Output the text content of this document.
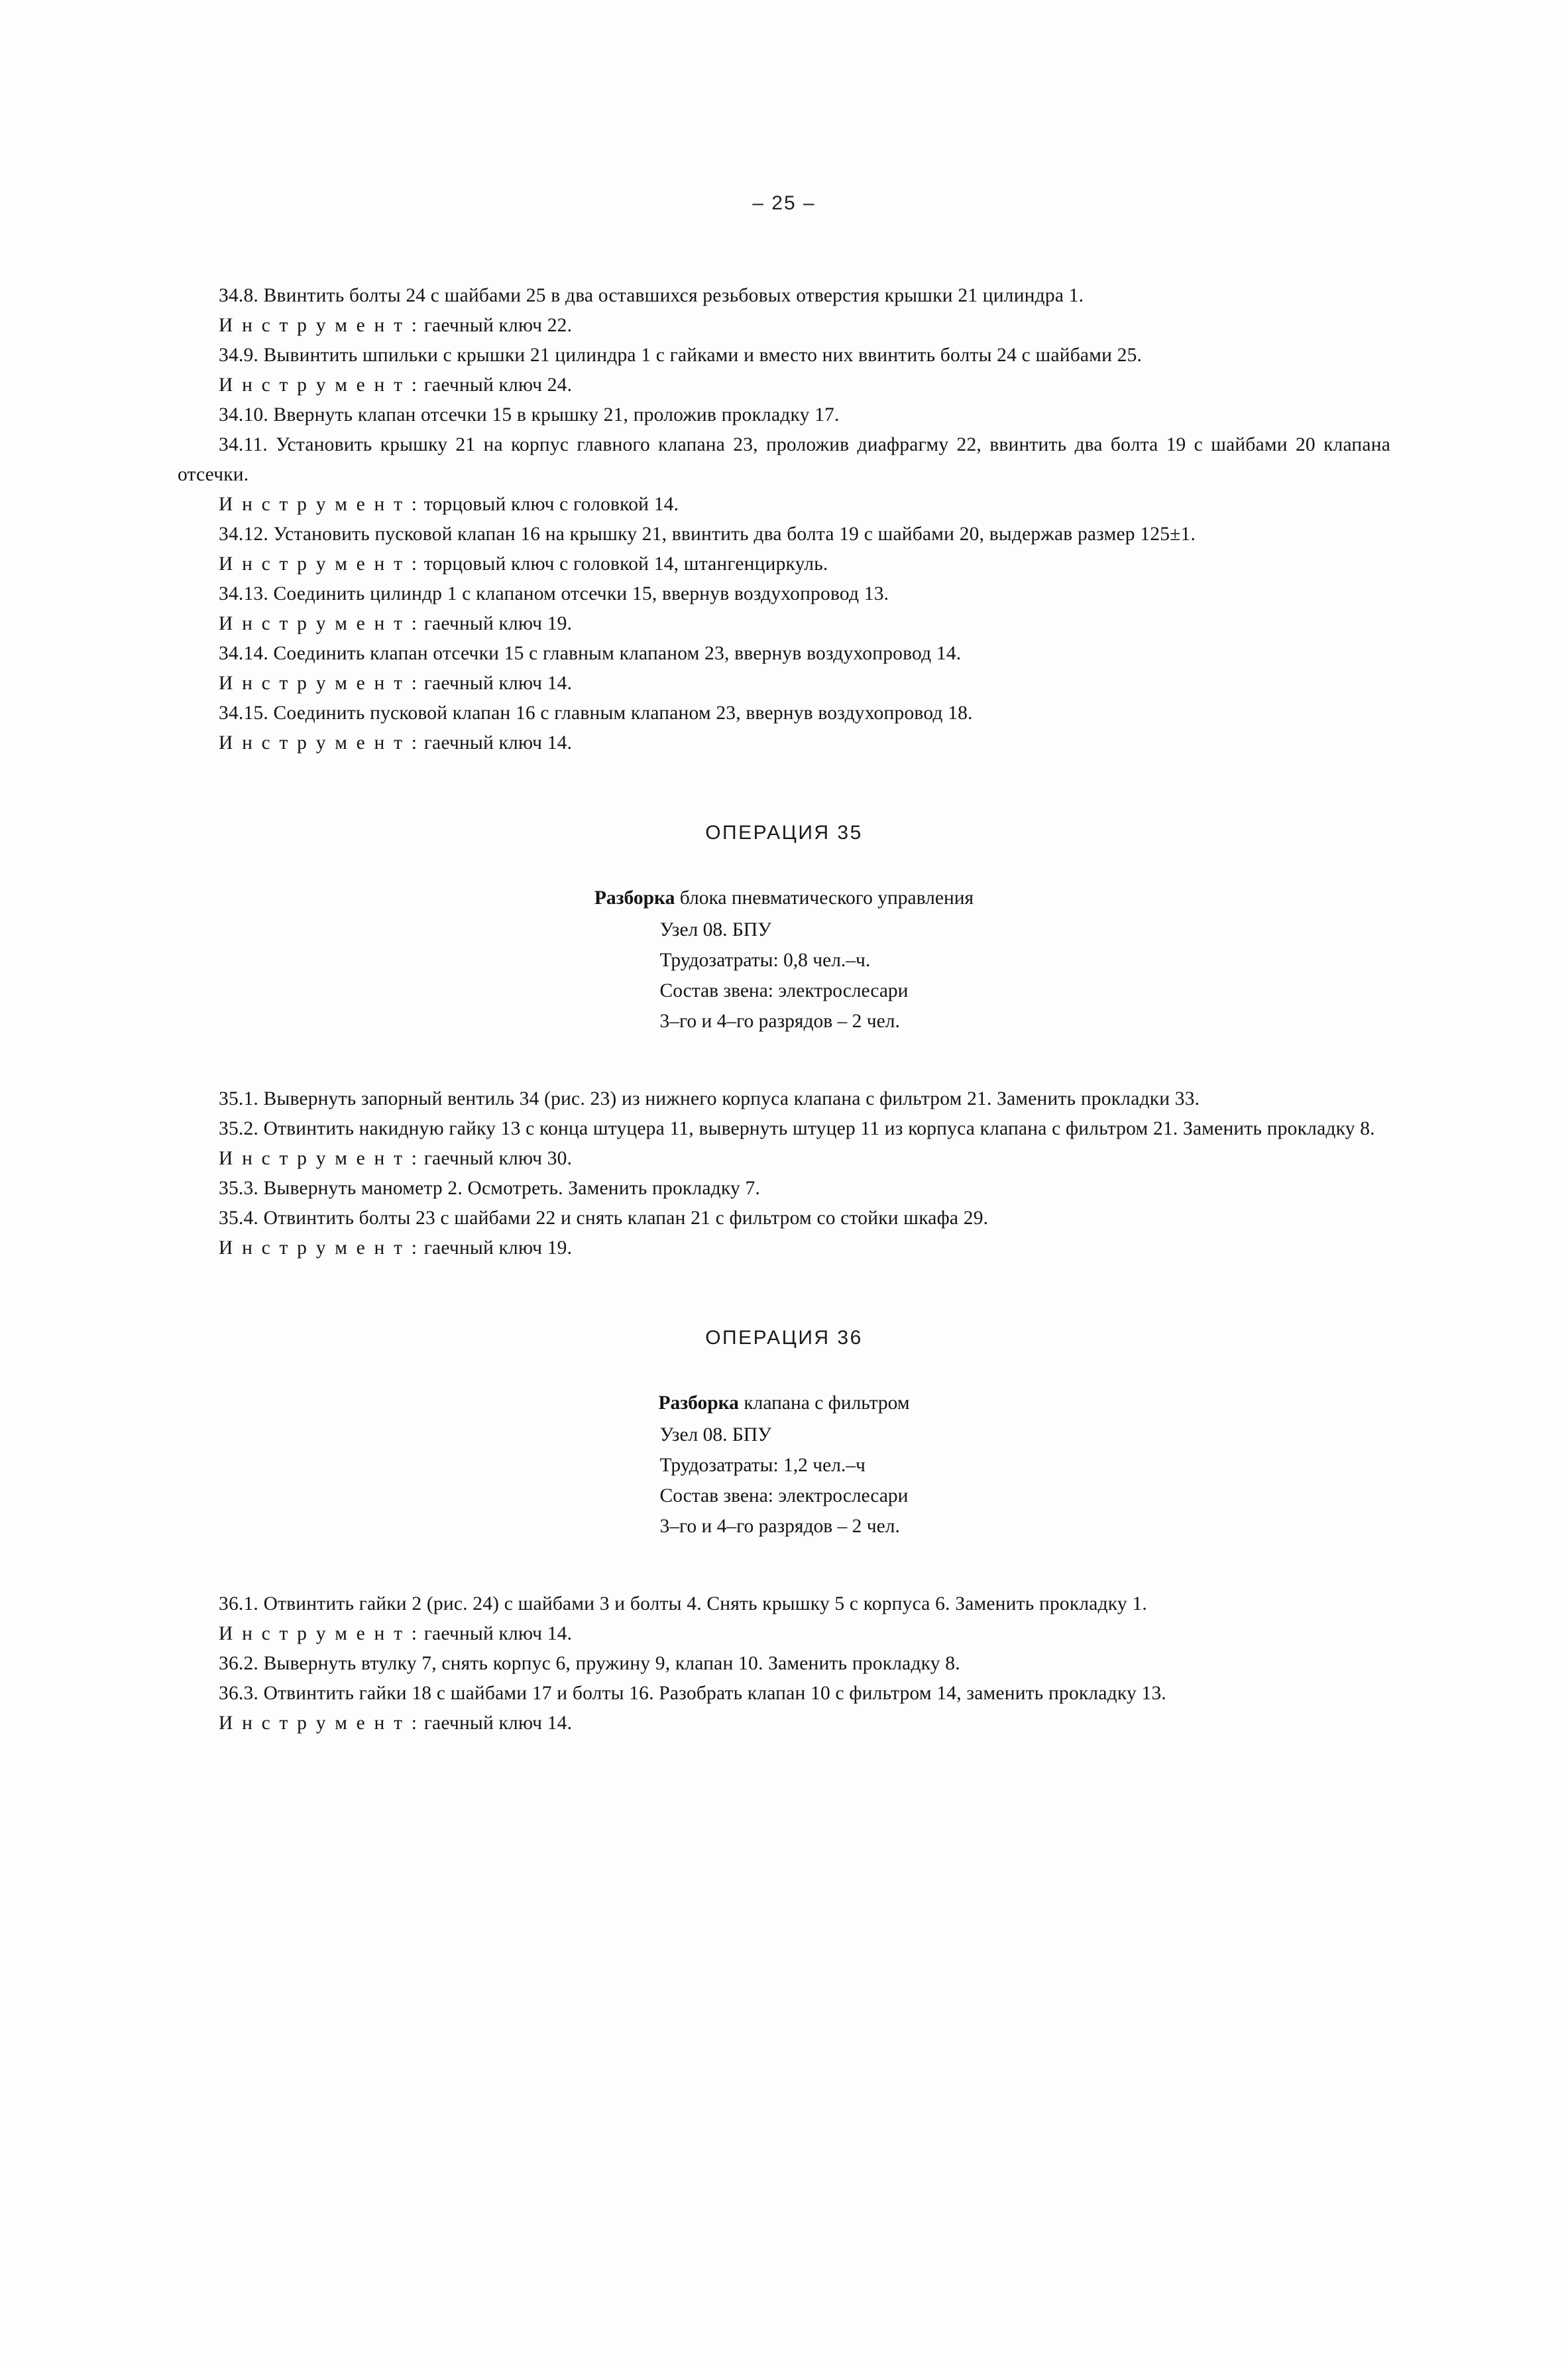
– 25 –

34.8. Ввинтить болты 24 с шайбами 25 в два оставшихся резьбовых отверстия крышки 21 цилиндра 1.

И н с т р у м е н т : гаечный ключ 22.

34.9. Вывинтить шпильки с крышки 21 цилиндра 1 с гайками и вместо них ввинтить болты 24 с шайбами 25.

И н с т р у м е н т : гаечный ключ 24.

34.10. Ввернуть клапан отсечки 15 в крышку 21, проложив прокладку 17.

34.11. Установить крышку 21 на корпус главного клапана 23, проложив диафрагму 22, ввинтить два болта 19 с шайбами 20 клапана отсечки.

И н с т р у м е н т : торцовый ключ с головкой 14.

34.12. Установить пусковой клапан 16 на крышку 21, ввинтить два болта 19 с шайбами 20, выдержав размер 125±1.

И н с т р у м е н т : торцовый ключ с головкой 14, штангенциркуль.

34.13. Соединить цилиндр 1 с клапаном отсечки 15, ввернув воздухопровод 13.

И н с т р у м е н т : гаечный ключ 19.

34.14. Соединить клапан отсечки 15 с главным клапаном 23, ввернув воздухопровод 14.

И н с т р у м е н т : гаечный ключ 14.

34.15. Соединить пусковой клапан 16 с главным клапаном 23, ввернув воздухопровод 18.

И н с т р у м е н т : гаечный ключ 14.

ОПЕРАЦИЯ 35
Разборка блока пневматического управления
Узел 08. БПУ
Трудозатраты: 0,8 чел.–ч.
Состав звена: электрослесари
3–го и 4–го разрядов – 2 чел.

35.1. Вывернуть запорный вентиль 34 (рис. 23) из нижнего корпуса клапана с фильтром 21. Заменить прокладки 33.

35.2. Отвинтить накидную гайку 13 с конца штуцера 11, вывернуть штуцер 11 из корпуса клапана с фильтром 21. Заменить прокладку 8.

И н с т р у м е н т : гаечный ключ 30.

35.3. Вывернуть манометр 2. Осмотреть. Заменить прокладку 7.

35.4. Отвинтить болты 23 с шайбами 22 и снять клапан 21 с фильтром со стойки шкафа 29.

И н с т р у м е н т : гаечный ключ 19.

ОПЕРАЦИЯ 36
Разборка клапана с фильтром
Узел 08. БПУ
Трудозатраты: 1,2 чел.–ч
Состав звена: электрослесари
3–го и 4–го разрядов – 2 чел.

36.1. Отвинтить гайки 2 (рис. 24) с шайбами 3 и болты 4. Снять крышку 5 с корпуса 6. Заменить прокладку 1.

И н с т р у м е н т : гаечный ключ 14.

36.2. Вывернуть втулку 7, снять корпус 6, пружину 9, клапан 10. Заменить прокладку 8.

36.3. Отвинтить гайки 18 с шайбами 17 и болты 16. Разобрать клапан 10 с фильтром 14, заменить прокладку 13.

И н с т р у м е н т : гаечный ключ 14.
